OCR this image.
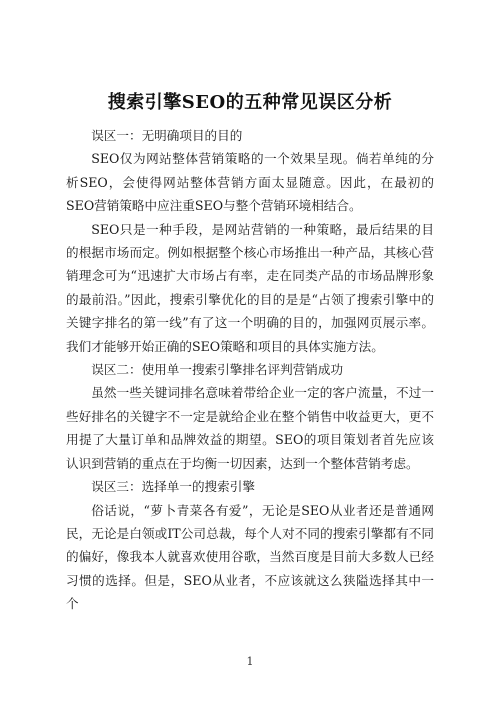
搜索引擎SEO的五种常见误区分析

误区一：无明确项目的目的

SEO仅为网站整体营销策略的一个效果呈现。倘若单纯的分析SEO，会使得网站整体营销方面太显随意。因此，在最初的SEO营销策略中应注重SEO与整个营销环境相结合。

SEO只是一种手段，是网站营销的一种策略，最后结果的目的根据市场而定。例如根据整个核心市场推出一种产品，其核心营销理念可为“迅速扩大市场占有率，走在同类产品的市场品牌形象的最前沿。”因此，搜索引擎优化的目的是是“占领了搜索引擎中的关键字排名的第一线”有了这一个明确的目的，加强网页展示率。我们才能够开始正确的SEO策略和项目的具体实施方法。

误区二：使用单一搜索引擎排名评判营销成功

虽然一些关键词排名意味着带给企业一定的客户流量，不过一些好排名的关键字不一定是就给企业在整个销售中收益更大，更不用提了大量订单和品牌效益的期望。SEO的项目策划者首先应该认识到营销的重点在于均衡一切因素，达到一个整体营销考虑。

误区三：选择单一的搜索引擎

俗话说，“萝卜青菜各有爱”，无论是SEO从业者还是普通网民，无论是白领或IT公司总裁，每个人对不同的搜索引擎都有不同的偏好，像我本人就喜欢使用谷歌，当然百度是目前大多数人已经习惯的选择。但是，SEO从业者，不应该就这么狭隘选择其中一个

1
